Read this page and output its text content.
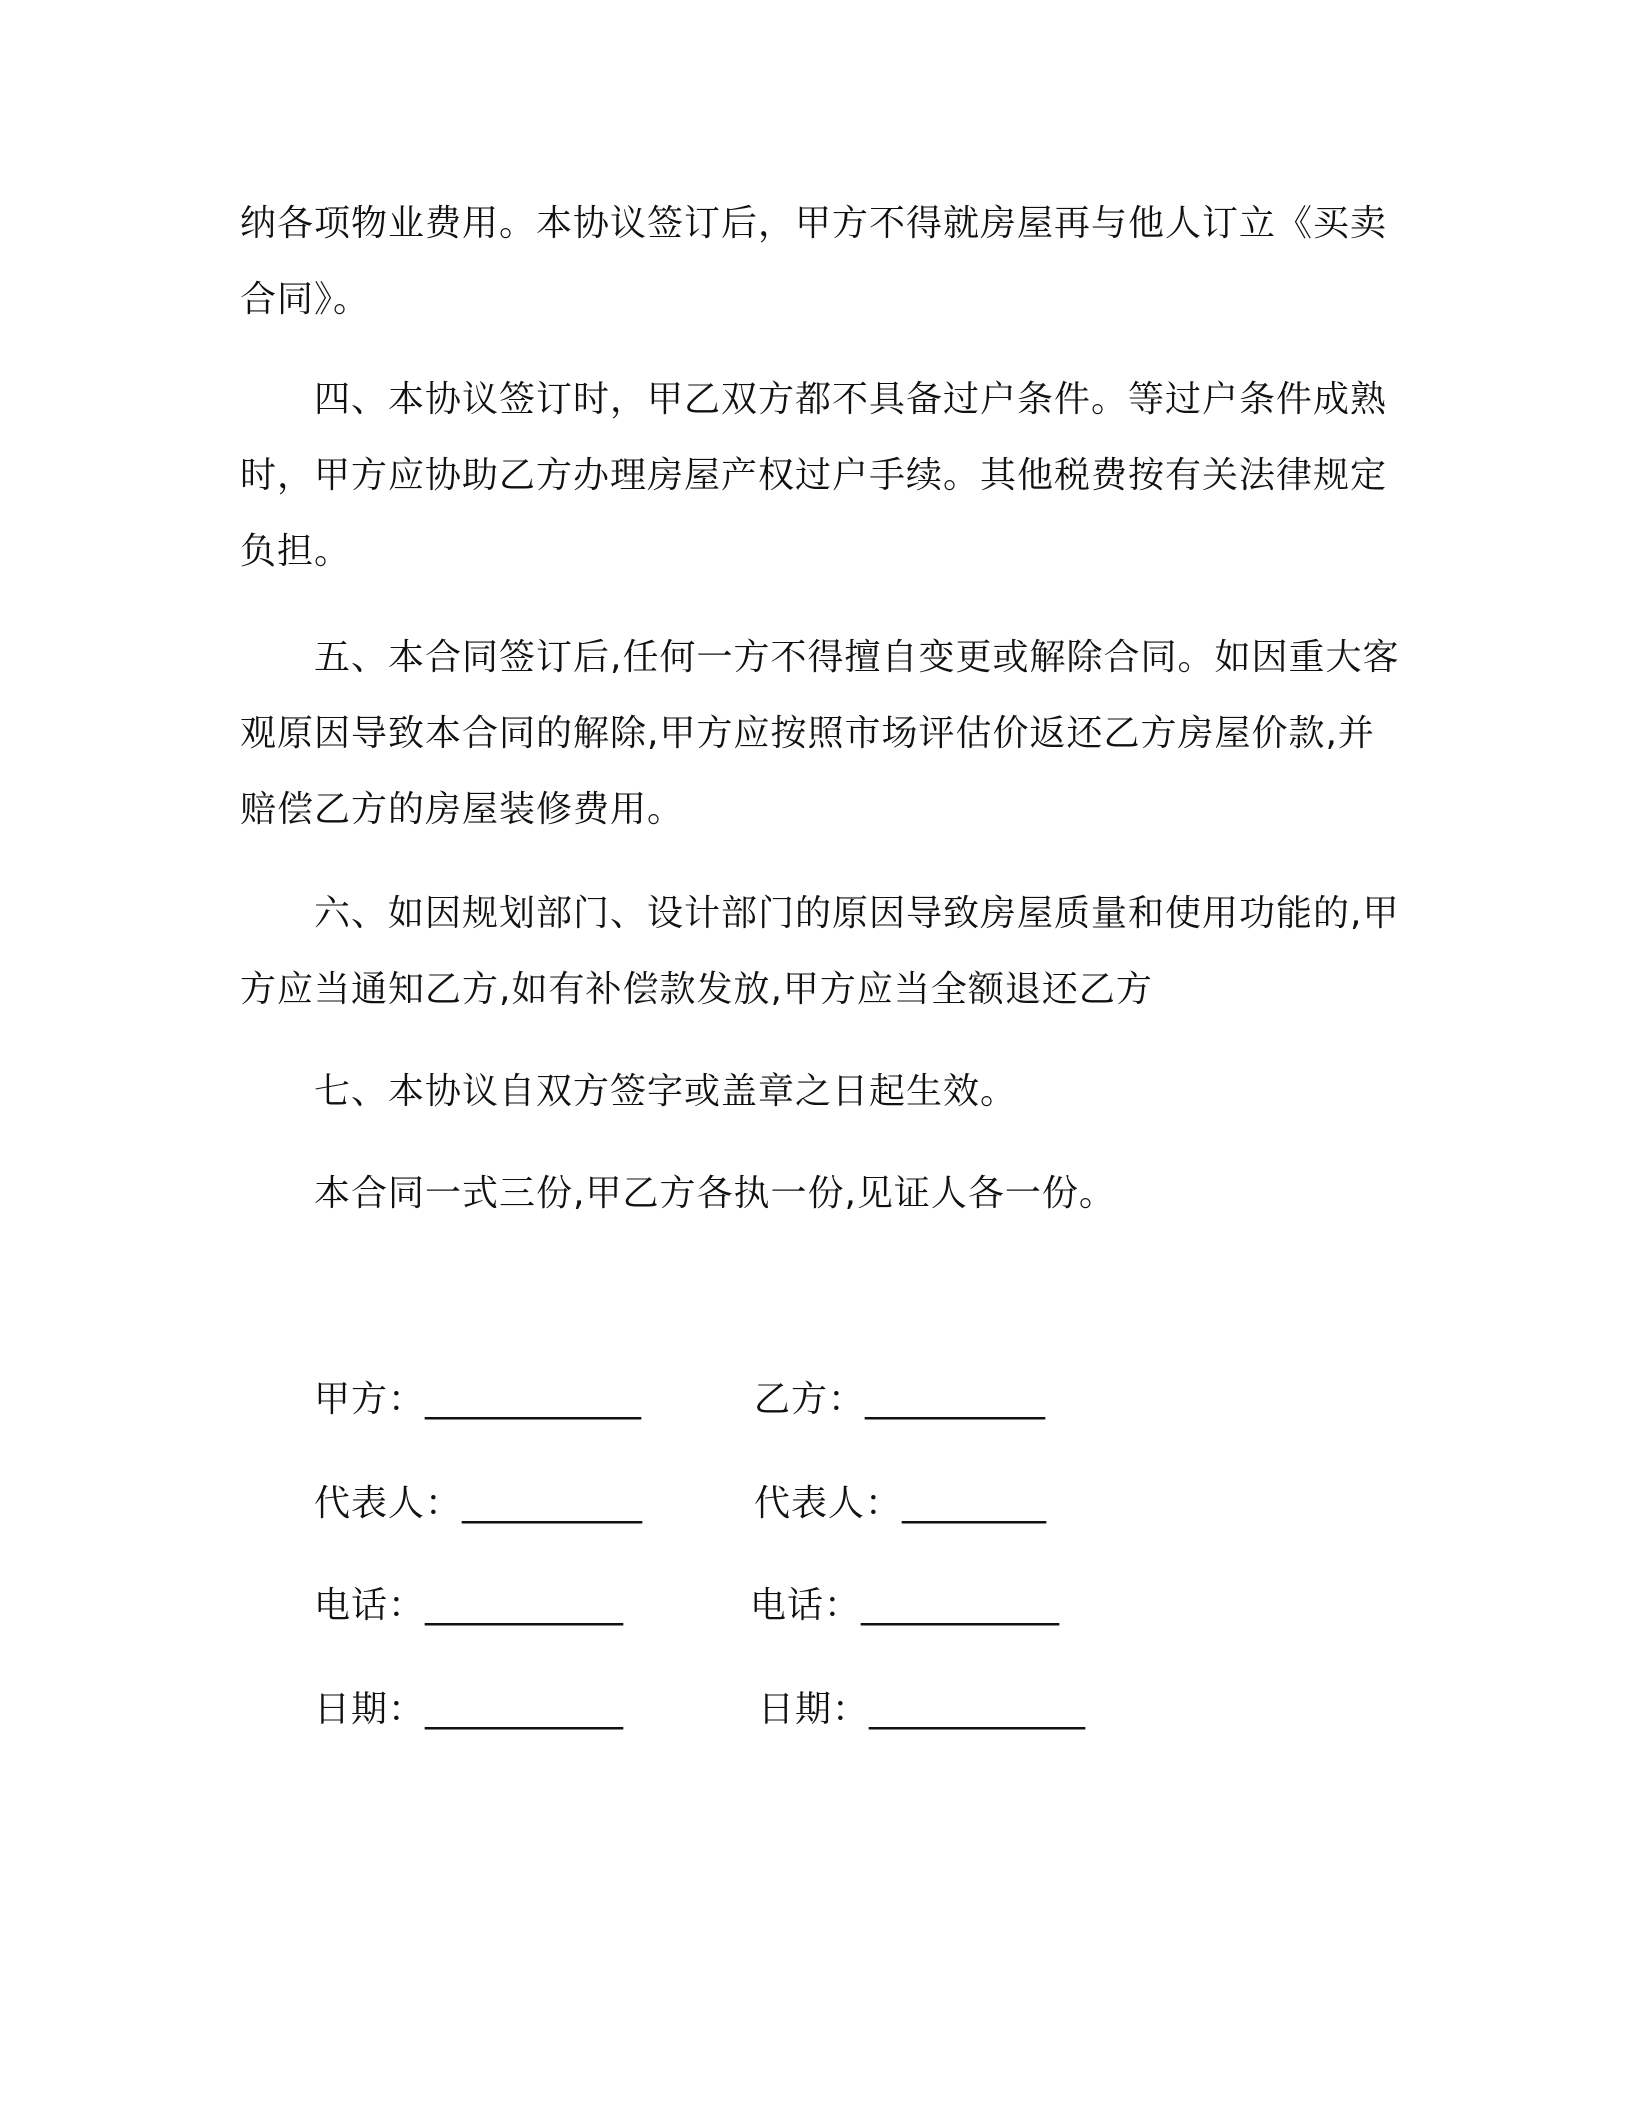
纳各项物业费用。本协议签订后，甲方不得就房屋再与他人订立《买卖合同》。

四、本协议签订时，甲乙双方都不具备过户条件。等过户条件成熟时，甲方应协助乙方办理房屋产权过户手续。其他税费按有关法律规定负担。

五、本合同签订后,任何一方不得擅自变更或解除合同。如因重大客观原因导致本合同的解除,甲方应按照市场评估价返还乙方房屋价款,并赔偿乙方的房屋装修费用。

六、如因规划部门、设计部门的原因导致房屋质量和使用功能的,甲方应当通知乙方,如有补偿款发放,甲方应当全额退还乙方

七、本协议自双方签字或盖章之日起生效。

本合同一式三份,甲乙方各执一份,见证人各一份。

甲方：____________
代表人：__________
电话：___________
日期：___________
乙方：__________
代表人：________
电话：___________
日期：____________
